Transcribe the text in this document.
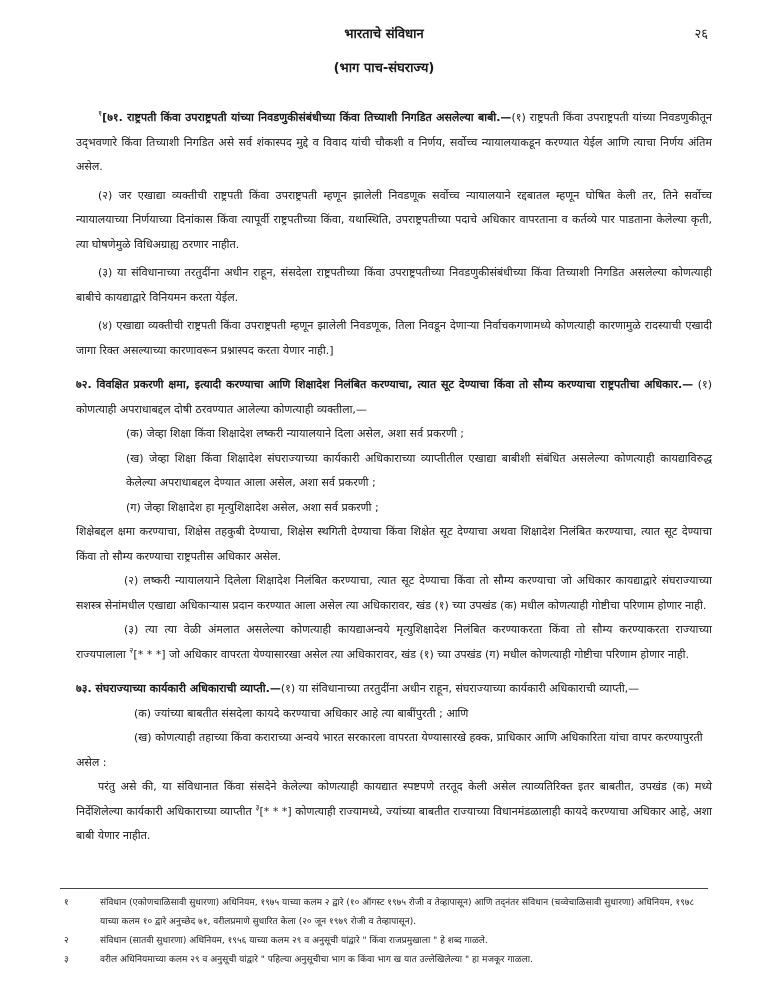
भारताचे संविधान	२६
(भाग पाच-संघराज्य)

$^१$[७१. राष्ट्रपती किंवा उपराष्ट्रपती यांच्या निवडणुकीसंबंधीच्या किंवा तिच्याशी निगडित असलेल्या बाबी.—(१) राष्ट्रपती किंवा उपराष्ट्रपती यांच्या निवडणुकीतून उद्‌भवणारे किंवा तिच्याशी निगडित असे सर्व शंकास्पद मुद्दे व विवाद यांची चौकशी व निर्णय, सर्वोच्च न्यायालयाकडून करण्यात येईल आणि त्याचा निर्णय अंतिम असेल.

(२) जर एखाद्या व्यक्तीची राष्ट्रपती किंवा उपराष्ट्रपती म्हणून झालेली निवडणूक सर्वोच्च न्यायालयाने रद्दबातल म्हणून घोषित केली तर, तिने सर्वोच्च न्यायालयाच्या निर्णयाच्या दिनांकास किंवा त्यापूर्वी राष्ट्रपतीच्या किंवा, यथास्थिति, उपराष्ट्रपतीच्या पदाचे अधिकार वापरताना व कर्तव्ये पार पाडताना केलेल्या कृती, त्या घोषणेमुळे विधिअग्राह्य ठरणार नाहीत.

(३) या संविधानाच्या तरतुदींना अधीन राहून, संसदेला राष्ट्रपतीच्या किंवा उपराष्ट्रपतीच्या निवडणुकीसंबंधीच्या किंवा तिच्याशी निगडित असलेल्या कोणत्याही बाबीचे कायद्याद्वारे विनियमन करता येईल.

(४) एखाद्या व्यक्तीची राष्ट्रपती किंवा उपराष्ट्रपती म्हणून झालेली निवडणूक, तिला निवडून देणाऱ्या निर्वाचकगणामध्ये कोणत्याही कारणामुळे रादस्याची एखादी जागा रिक्त असल्याच्या कारणावरून प्रश्नास्पद करता येणार नाही.]

७२. विवक्षित प्रकरणी क्षमा, इत्यादी करण्याचा आणि शिक्षादेश निलंबित करण्याचा, त्यात सूट देण्याचा किंवा तो सौम्य करण्याचा राष्ट्रपतीचा अधिकार.— (१) कोणत्याही अपराधाबद्दल दोषी ठरवण्यात आलेल्या कोणत्याही व्यक्तीला,—

(क) जेव्हा शिक्षा किंवा शिक्षादेश लष्करी न्यायालयाने दिला असेल, अशा सर्व प्रकरणी ;

(ख) जेव्हा शिक्षा किंवा शिक्षादेश संघराज्याच्या कार्यकारी अधिकाराच्या व्याप्तीतील एखाद्या बाबीशी संबंधित असलेल्या कोणत्याही कायद्याविरुद्ध केलेल्या अपराधाबद्दल देण्यात आला असेल, अशा सर्व प्रकरणी ;

(ग) जेव्हा शिक्षादेश हा मृत्युशिक्षादेश असेल, अशा सर्व प्रकरणी ;

शिक्षेबद्दल क्षमा करण्याचा, शिक्षेस तहकुबी देण्याचा, शिक्षेस स्थगिती देण्याचा किंवा शिक्षेत सूट देण्याचा अथवा शिक्षादेश निलंबित करण्याचा, त्यात सूट देण्याचा किंवा तो सौम्य करण्याचा राष्ट्रपतीस अधिकार असेल.

(२) लष्करी न्यायालयाने दिलेला शिक्षादेश निलंबित करण्याचा, त्यात सूट देण्याचा किंवा तो सौम्य करण्याचा जो अधिकार कायद्याद्वारे संघराज्याच्या सशस्त्र सेनांमधील एखाद्या अधिकाऱ्यास प्रदान करण्यात आला असेल त्या अधिकारावर, खंड (१) च्या उपखंड (क) मधील कोणत्याही गोष्टीचा परिणाम होणार नाही.

(३) त्या त्या वेळी अंमलात असलेल्या कोणत्याही कायद्याअन्वये मृत्युशिक्षादेश निलंबित करण्याकरता किंवा तो सौम्य करण्याकरता राज्याच्या राज्यपालाला $^२$[* * *] जो अधिकार वापरता येण्यासारखा असेल त्या अधिकारावर, खंड (१) च्या उपखंड (ग) मधील कोणत्याही गोष्टीचा परिणाम होणार नाही.

७३. संघराज्याच्या कार्यकारी अधिकाराची व्याप्ती.—(१) या संविधानाच्या तरतुदींना अधीन राहून, संघराज्याच्या कार्यकारी अधिकाराची व्याप्ती,—

(क) ज्यांच्या बाबतीत संसदेला कायदे करण्याचा अधिकार आहे त्या बाबींपुरती ; आणि

(ख) कोणत्याही तहाच्या किंवा कराराच्या अन्वये भारत सरकारला वापरता येण्यासारखे हक्क, प्राधिकार आणि अधिकारिता यांचा वापर करण्यापुरती

असेल :

परंतु असे की, या संविधानात किंवा संसदेने केलेल्या कोणत्याही कायद्यात स्पष्टपणे तरतूद केली असेल त्याव्यतिरिक्त इतर बाबतीत, उपखंड (क) मध्ये निर्देशिलेल्या कार्यकारी अधिकाराच्या व्याप्तीत $^३$[* * *] कोणत्याही राज्यामध्ये, ज्यांच्या बाबतीत राज्याच्या विधानमंडळालाही कायदे करण्याचा अधिकार आहे, अशा बाबी येणार नाहीत.

१	संविधान (एकोणचाळिसावी सुधारणा) अधिनियम, १९७५ याच्या कलम २ द्वारे (१० ऑगस्ट १९७५ रोजी व तेव्हापासून) आणि तद्‌नंतर संविधान (चव्वेचाळिसावी सुधारणा) अधिनियम, १९७८ याच्या कलम १० द्वारे अनुच्छेद ७१, वरीलप्रमाणे सुधारित केला (२० जून १९७९ रोजी व तेव्हापासून).

२	संविधान (सातवी सुधारणा) अधिनियम, १९५६ याच्या कलम २९ व अनुसूची यांद्वारे " किंवा राजप्रमुखाला " हे शब्द गाळले.

३	वरील अधिनियमाच्या कलम २९ व अनुसूची यांद्वारे " पहिल्या अनुसूचीचा भाग क किंवा भाग ख यात उल्लेखिलेल्या " हा मजकूर गाळला.
